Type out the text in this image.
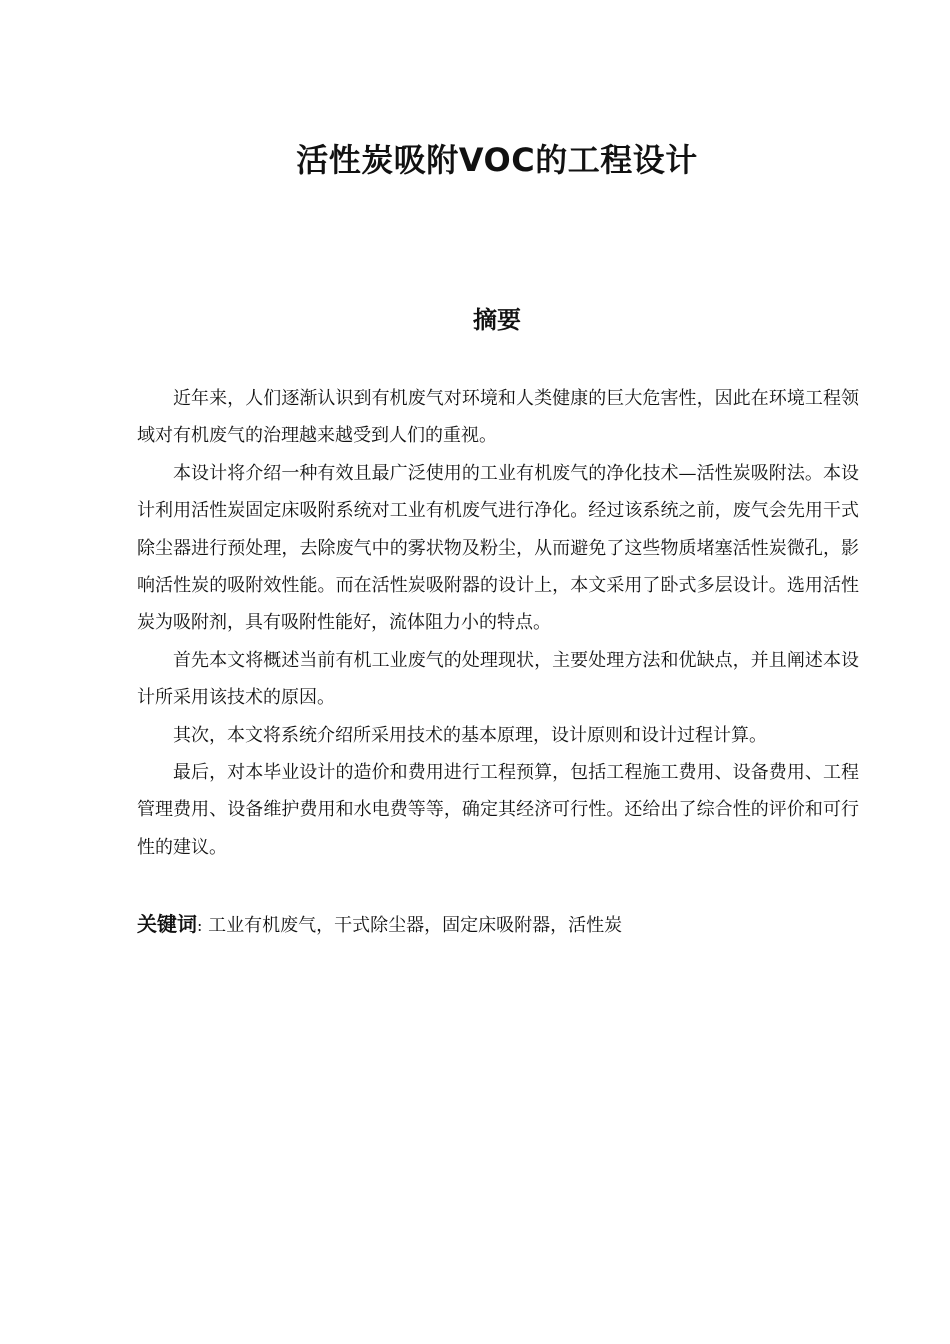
活性炭吸附VOC的工程设计
摘要

近年来，人们逐渐认识到有机废气对环境和人类健康的巨大危害性，因此在环境工程领域对有机废气的治理越来越受到人们的重视。

本设计将介绍一种有效且最广泛使用的工业有机废气的净化技术—活性炭吸附法。本设计利用活性炭固定床吸附系统对工业有机废气进行净化。经过该系统之前，废气会先用干式除尘器进行预处理，去除废气中的雾状物及粉尘，从而避免了这些物质堵塞活性炭微孔，影响活性炭的吸附效性能。而在活性炭吸附器的设计上，本文采用了卧式多层设计。选用活性炭为吸附剂，具有吸附性能好，流体阻力小的特点。

首先本文将概述当前有机工业废气的处理现状，主要处理方法和优缺点，并且阐述本设计所采用该技术的原因。

其次，本文将系统介绍所采用技术的基本原理，设计原则和设计过程计算。

最后，对本毕业设计的造价和费用进行工程预算，包括工程施工费用、设备费用、工程管理费用、设备维护费用和水电费等等，确定其经济可行性。还给出了综合性的评价和可行性的建议。

关键词: 工业有机废气，干式除尘器，固定床吸附器，活性炭
